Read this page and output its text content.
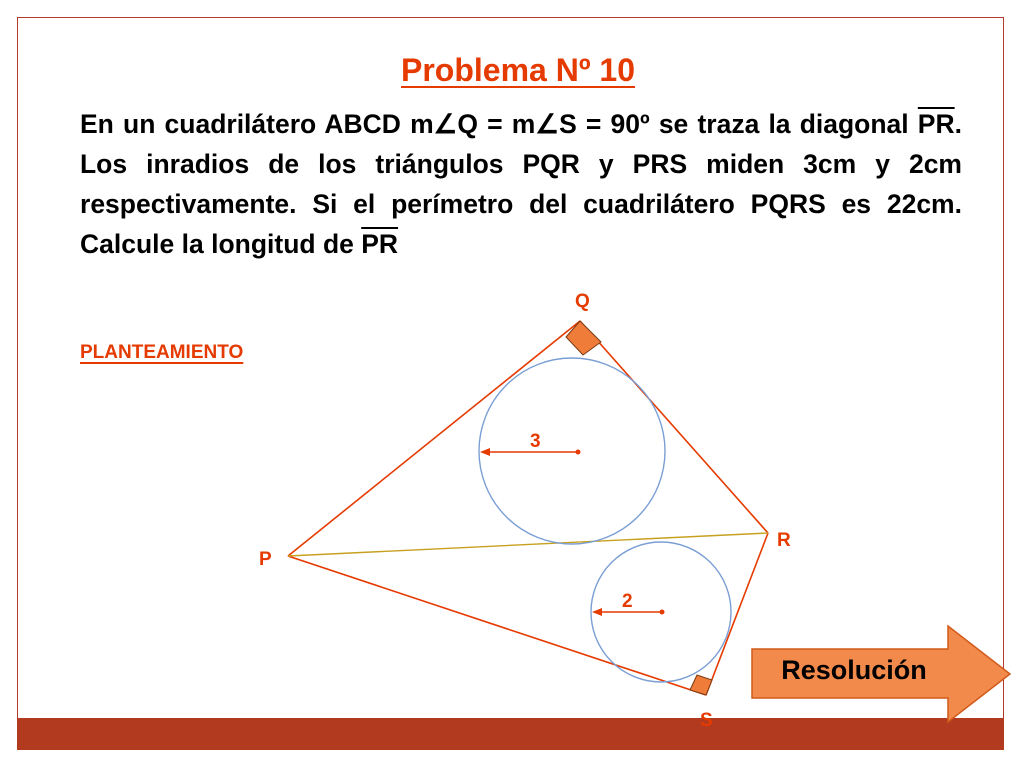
Problema Nº 10
En un cuadrilátero ABCD m∠Q = m∠S = 90º se traza la diagonal $\overline{PR}$. Los inradios de los triángulos PQR y PRS miden 3cm y 2cm respectivamente. Si el perímetro del cuadrilátero PQRS es 22cm. Calcule la longitud de $\overline{PR}$
PLANTEAMIENTO
3
2
Q
R
P
S
Resolución
